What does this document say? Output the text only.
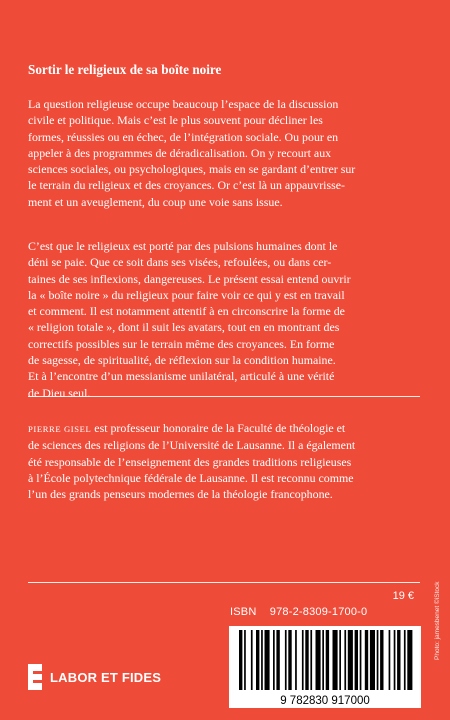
Sortir le religieux de sa boîte noire
La question religieuse occupe beaucoup l’espace de la discussion
civile et politique. Mais c’est le plus souvent pour décliner les
formes, réussies ou en échec, de l’intégration sociale. Ou pour en
appeler à des programmes de déradicalisation. On y recourt aux
sciences sociales, ou psychologiques, mais en se gardant d’entrer sur
le terrain du religieux et des croyances. Or c’est là un appauvrisse-
ment et un aveuglement, du coup une voie sans issue.
C’est que le religieux est porté par des pulsions humaines dont le
déni se paie. Que ce soit dans ses visées, refoulées, ou dans cer-
taines de ses inflexions, dangereuses. Le présent essai entend ouvrir
la « boîte noire » du religieux pour faire voir ce qui y est en travail
et comment. Il est notamment attentif à en circonscrire la forme de
« religion totale », dont il suit les avatars, tout en en montrant des
correctifs possibles sur le terrain même des croyances. En forme
de sagesse, de spiritualité, de réflexion sur la condition humaine.
Et à l’encontre d’un messianisme unilatéral, articulé à une vérité
de Dieu seul.
PIERRE GISEL est professeur honoraire de la Faculté de théologie et
de sciences des religions de l’Université de Lausanne. Il a également
été responsable de l’enseignement des grandes traditions religieuses
à l’École polytechnique fédérale de Lausanne. Il est reconnu comme
l’un des grands penseurs modernes de la théologie francophone.
19 €
ISBN 978-2-8309-1700-0
LABOR ET FIDES
9 782830 917000
Photo: jamesbenet ©iStock
